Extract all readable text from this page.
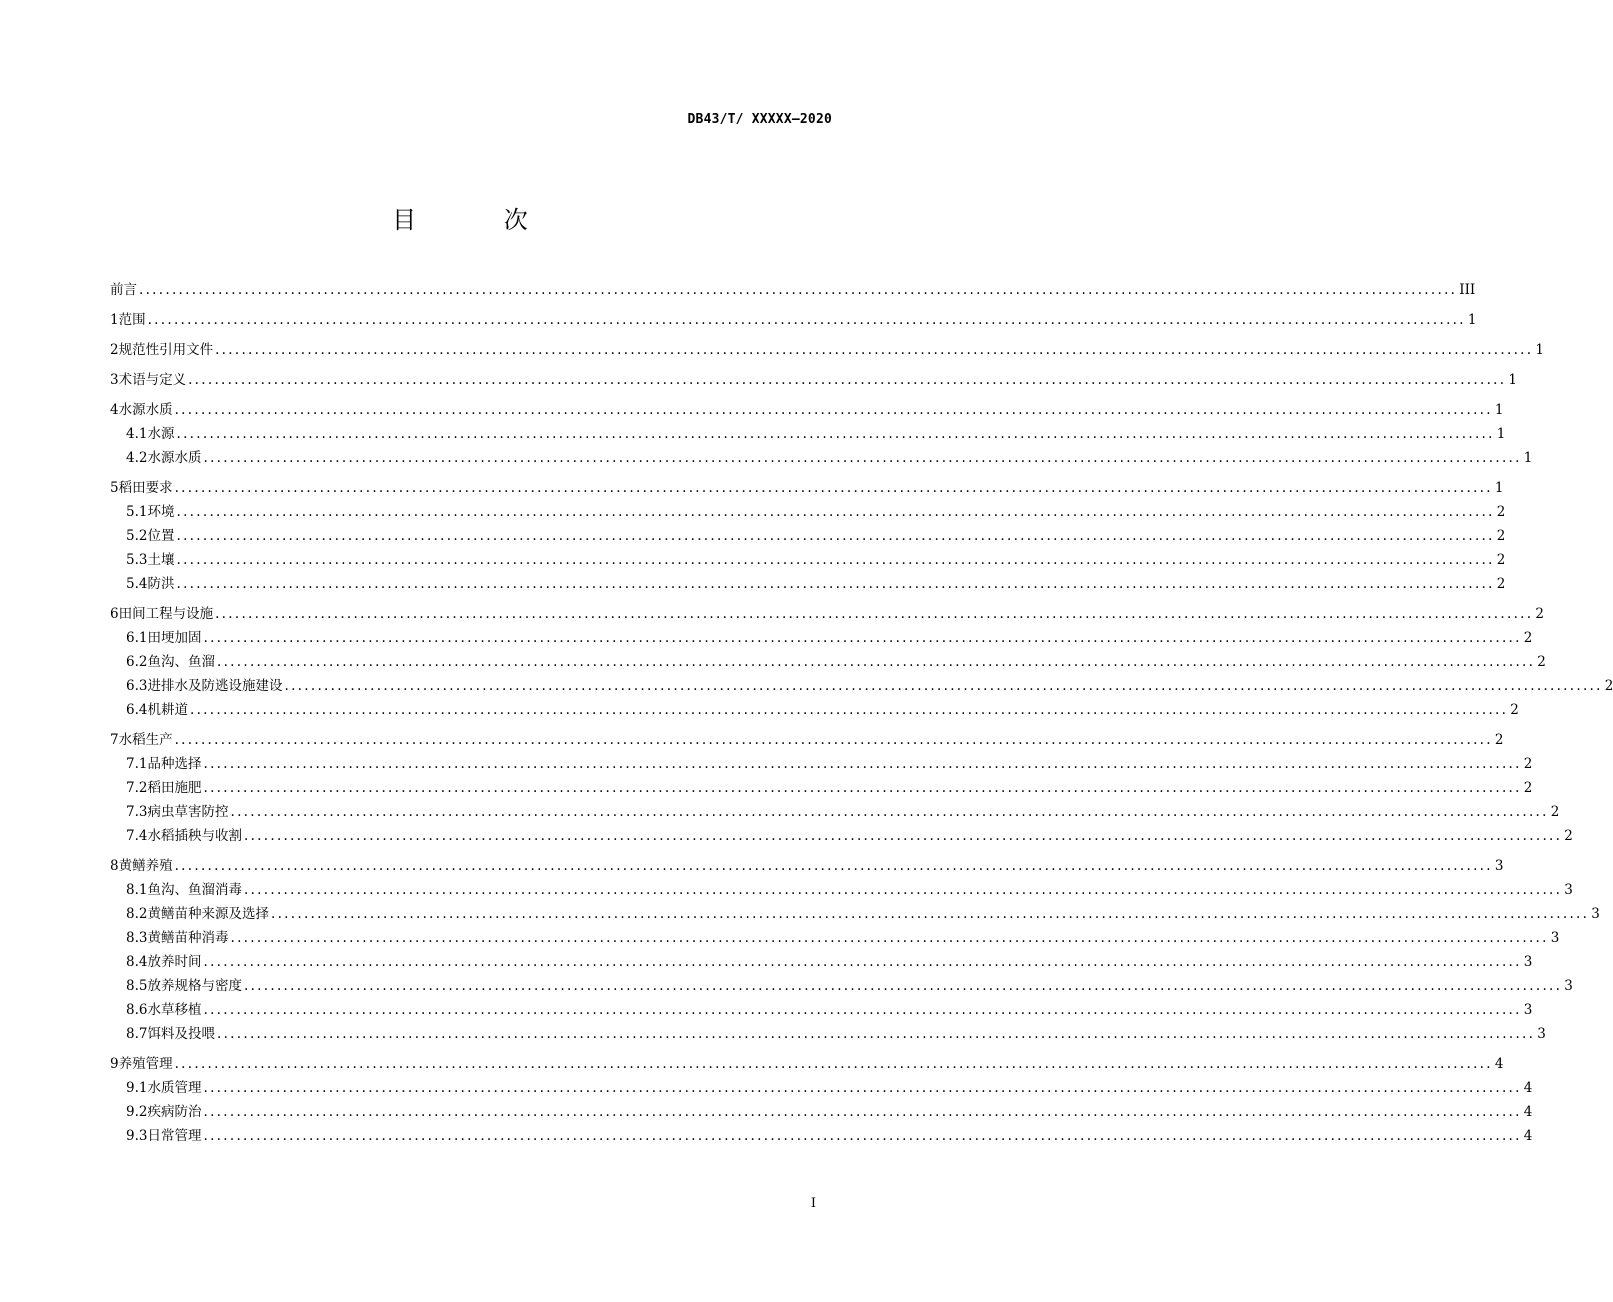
DB43/T/ XXXXX—2020
目 次
前言 ........................................................................................................................................................................................................ III
1 范围 ........................................................................................................................................................................................................ 1
2 规范性引用文件 ........................................................................................................................................................................................................ 1
3 术语与定义 ........................................................................................................................................................................................................ 1
4 水源水质 ........................................................................................................................................................................................................ 1
4.1 水源 ........................................................................................................................................................................................................ 1
4.2 水源水质 ........................................................................................................................................................................................................ 1
5 稻田要求 ........................................................................................................................................................................................................ 1
5.1 环境 ........................................................................................................................................................................................................ 2
5.2 位置 ........................................................................................................................................................................................................ 2
5.3 土壤 ........................................................................................................................................................................................................ 2
5.4 防洪 ........................................................................................................................................................................................................ 2
6 田间工程与设施 ........................................................................................................................................................................................................ 2
6.1 田埂加固 ........................................................................................................................................................................................................ 2
6.2 鱼沟、鱼溜 ........................................................................................................................................................................................................ 2
6.3 进排水及防逃设施建设 ........................................................................................................................................................................................................ 2
6.4 机耕道 ........................................................................................................................................................................................................ 2
7 水稻生产 ........................................................................................................................................................................................................ 2
7.1 品种选择 ........................................................................................................................................................................................................ 2
7.2 稻田施肥 ........................................................................................................................................................................................................ 2
7.3 病虫草害防控 ........................................................................................................................................................................................................ 2
7.4 水稻插秧与收割 ........................................................................................................................................................................................................ 2
8 黄鳝养殖 ........................................................................................................................................................................................................ 3
8.1 鱼沟、鱼溜消毒 ........................................................................................................................................................................................................ 3
8.2 黄鳝苗种来源及选择 ........................................................................................................................................................................................................ 3
8.3 黄鳝苗种消毒 ........................................................................................................................................................................................................ 3
8.4 放养时间 ........................................................................................................................................................................................................ 3
8.5 放养规格与密度 ........................................................................................................................................................................................................ 3
8.6 水草移植 ........................................................................................................................................................................................................ 3
8.7 饵料及投喂 ........................................................................................................................................................................................................ 3
9 养殖管理 ........................................................................................................................................................................................................ 4
9.1 水质管理 ........................................................................................................................................................................................................ 4
9.2 疾病防治 ........................................................................................................................................................................................................ 4
9.3 日常管理 ........................................................................................................................................................................................................ 4
I
